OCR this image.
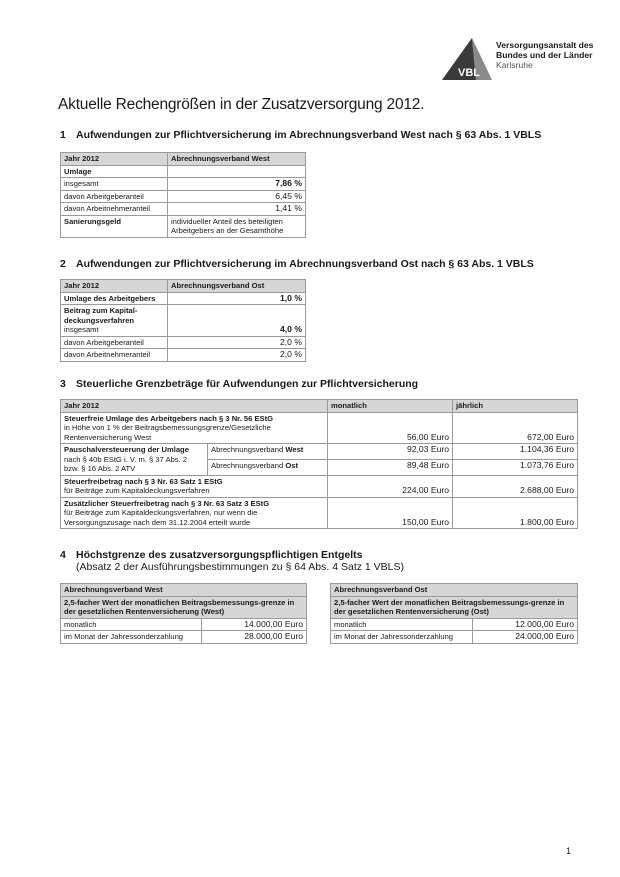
VBL
Versorgungsanstalt des
Bundes und der Länder
Karlsruhe
Aktuelle Rechengrößen in der Zusatzversorgung 2012.
1 Aufwendungen zur Pflichtversicherung im Abrechnungsverband West nach § 63 Abs. 1 VBLS
Jahr 2012	Abrechnungsverband West
Umlage	
insgesamt	7,86 %
davon Arbeitgeberanteil	6,45 %
davon Arbeitnehmeranteil	1,41 %
Sanierungsgeld	individueller Anteil des beteiligten Arbeitgebers an der Gesamthöhe
2 Aufwendungen zur Pflichtversicherung im Abrechnungsverband Ost nach § 63 Abs. 1 VBLS
Jahr 2012	Abrechnungsverband Ost
Umlage des Arbeitgebers	1,0 %

Beitrag zum Kapital-deckungsverfahren
insgesamt	4,0 %
davon Arbeitgeberanteil	2,0 %
davon Arbeitnehmeranteil	2,0 %
3 Steuerliche Grenzbeträge für Aufwendungen zur Pflichtversicherung
Jahr 2012		monatlich	jährlich

Steuerfreie Umlage des Arbeitgebers nach § 3 Nr. 56 EStG
in Höhe von 1 % der Beitragsbemessungsgrenze/Gesetzliche Rentenversicherung West		56,00 Euro	672,00 Euro

Pauschalversteuerung der Umlage
nach § 40b EStG i. V. m. § 37 Abs. 2 bzw. § 16 Abs. 2 ATV	Abrechnungsverband West	92,03 Euro	1.104,36 Euro
	Abrechnungsverband Ost	89,48 Euro	1.073,76 Euro

Steuerfreibetrag nach § 3 Nr. 63 Satz 1 EStG
für Beiträge zum Kapitaldeckungsverfahren		224,00 Euro	2.688,00 Euro

Zusätzlicher Steuerfreibetrag nach § 3 Nr. 63 Satz 3 EStG
für Beiträge zum Kapitaldeckungsverfahren, nur wenn die Versorgungszusage nach dem 31.12.2004 erteilt wurde		150,00 Euro	1.800,00 Euro
4 Höchstgrenze des zusatzversorgungspflichtigen Entgelts
(Absatz 2 der Ausführungsbestimmungen zu § 64 Abs. 4 Satz 1 VBLS)
Abrechnungsverband West	
2,5-facher Wert der monatlichen Beitragsbemessungs-grenze in der gesetzlichen Rentenversicherung (West)	
monatlich	14.000,00 Euro
im Monat der Jahressonderzahlung	28.000,00 Euro
Abrechnungsverband Ost	
2,5-facher Wert der monatlichen Beitragsbemessungs-grenze in der gesetzlichen Rentenversicherung (Ost)	
monatlich	12.000,00 Euro
im Monat der Jahressonderzahlung	24.000,00 Euro
1
